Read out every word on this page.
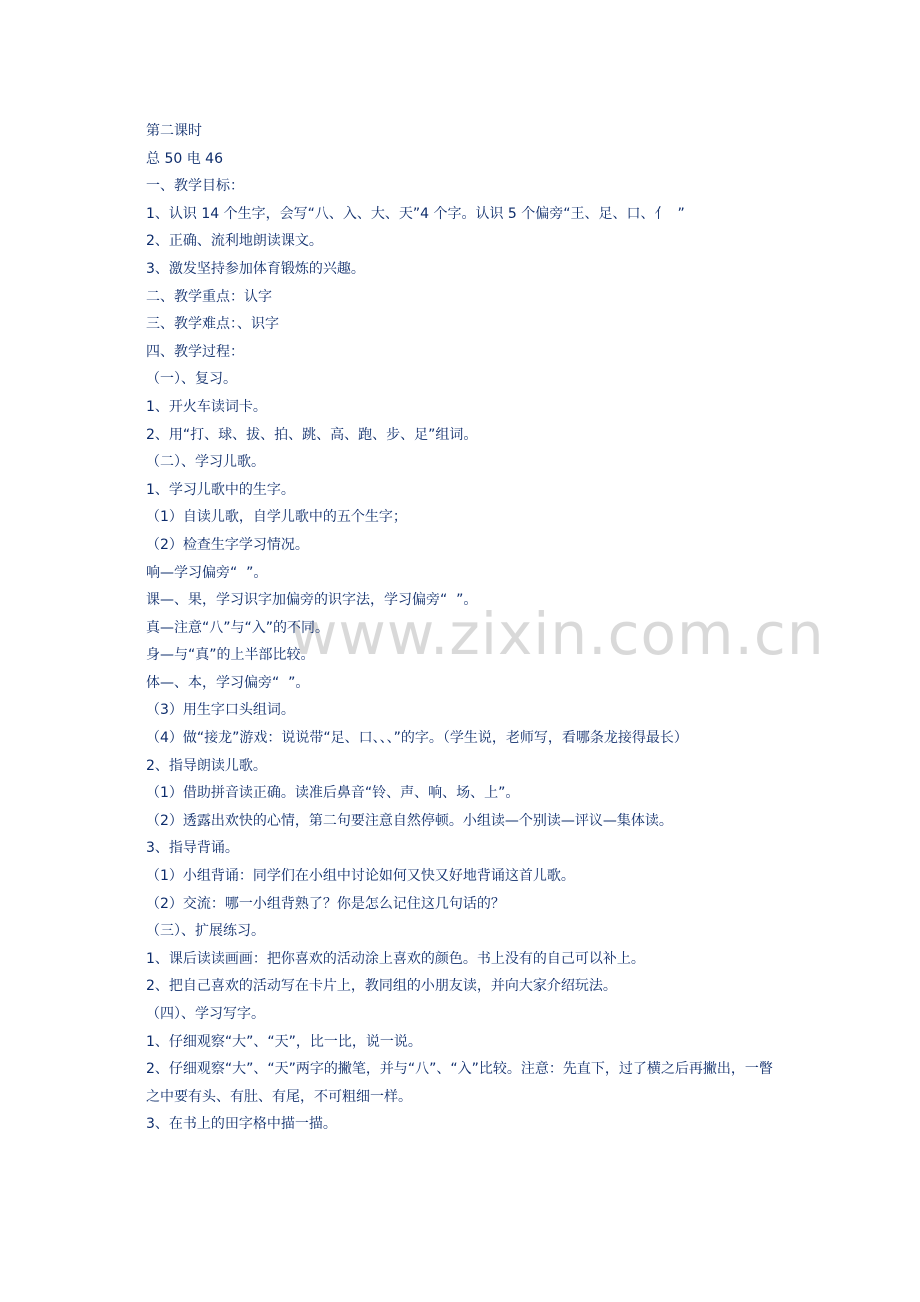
www.zixin.com.cn

第二课时

总 50 电 46

一、教学目标：

1、认识 14 个生字，会写“八、入、大、天”4 个字。认识 5 个偏旁“王、足、口、亻  ”

2、正确、流利地朗读课文。

3、激发坚持参加体育锻炼的兴趣。

二、教学重点：认字

三、教学难点：、识字

四、教学过程：

（一）、复习。

1、开火车读词卡。

2、用“打、球、拔、拍、跳、高、跑、步、足”组词。

（二）、学习儿歌。

1、学习儿歌中的生字。

（1）自读儿歌，自学儿歌中的五个生字；

（2）检查生字学习情况。

响—学习偏旁“  ”。

课—、果，学习识字加偏旁的识字法，学习偏旁“  ”。

真—注意“八”与“入”的不同。

身—与“真”的上半部比较。

体—、本，学习偏旁“  ”。

（3）用生字口头组词。

（4）做“接龙”游戏：说说带“足、口、、、”的字。（学生说，老师写，看哪条龙接得最长）

2、指导朗读儿歌。

（1）借助拼音读正确。读准后鼻音“铃、声、响、场、上”。

（2）透露出欢快的心情，第二句要注意自然停顿。小组读—个别读—评议—集体读。

3、指导背诵。

（1）小组背诵：同学们在小组中讨论如何又快又好地背诵这首儿歌。

（2）交流：哪一小组背熟了？你是怎么记住这几句话的？

（三）、扩展练习。

1、课后读读画画：把你喜欢的活动涂上喜欢的颜色。书上没有的自己可以补上。

2、把自己喜欢的活动写在卡片上，教同组的小朋友读，并向大家介绍玩法。

（四）、学习写字。

1、仔细观察“大”、“天”，比一比，说一说。

2、仔细观察“大”、“天”两字的撇笔，并与“八”、“入”比较。注意：先直下，过了横之后再撇出，一瞥之中要有头、有肚、有尾，不可粗细一样。

3、在书上的田字格中描一描。
